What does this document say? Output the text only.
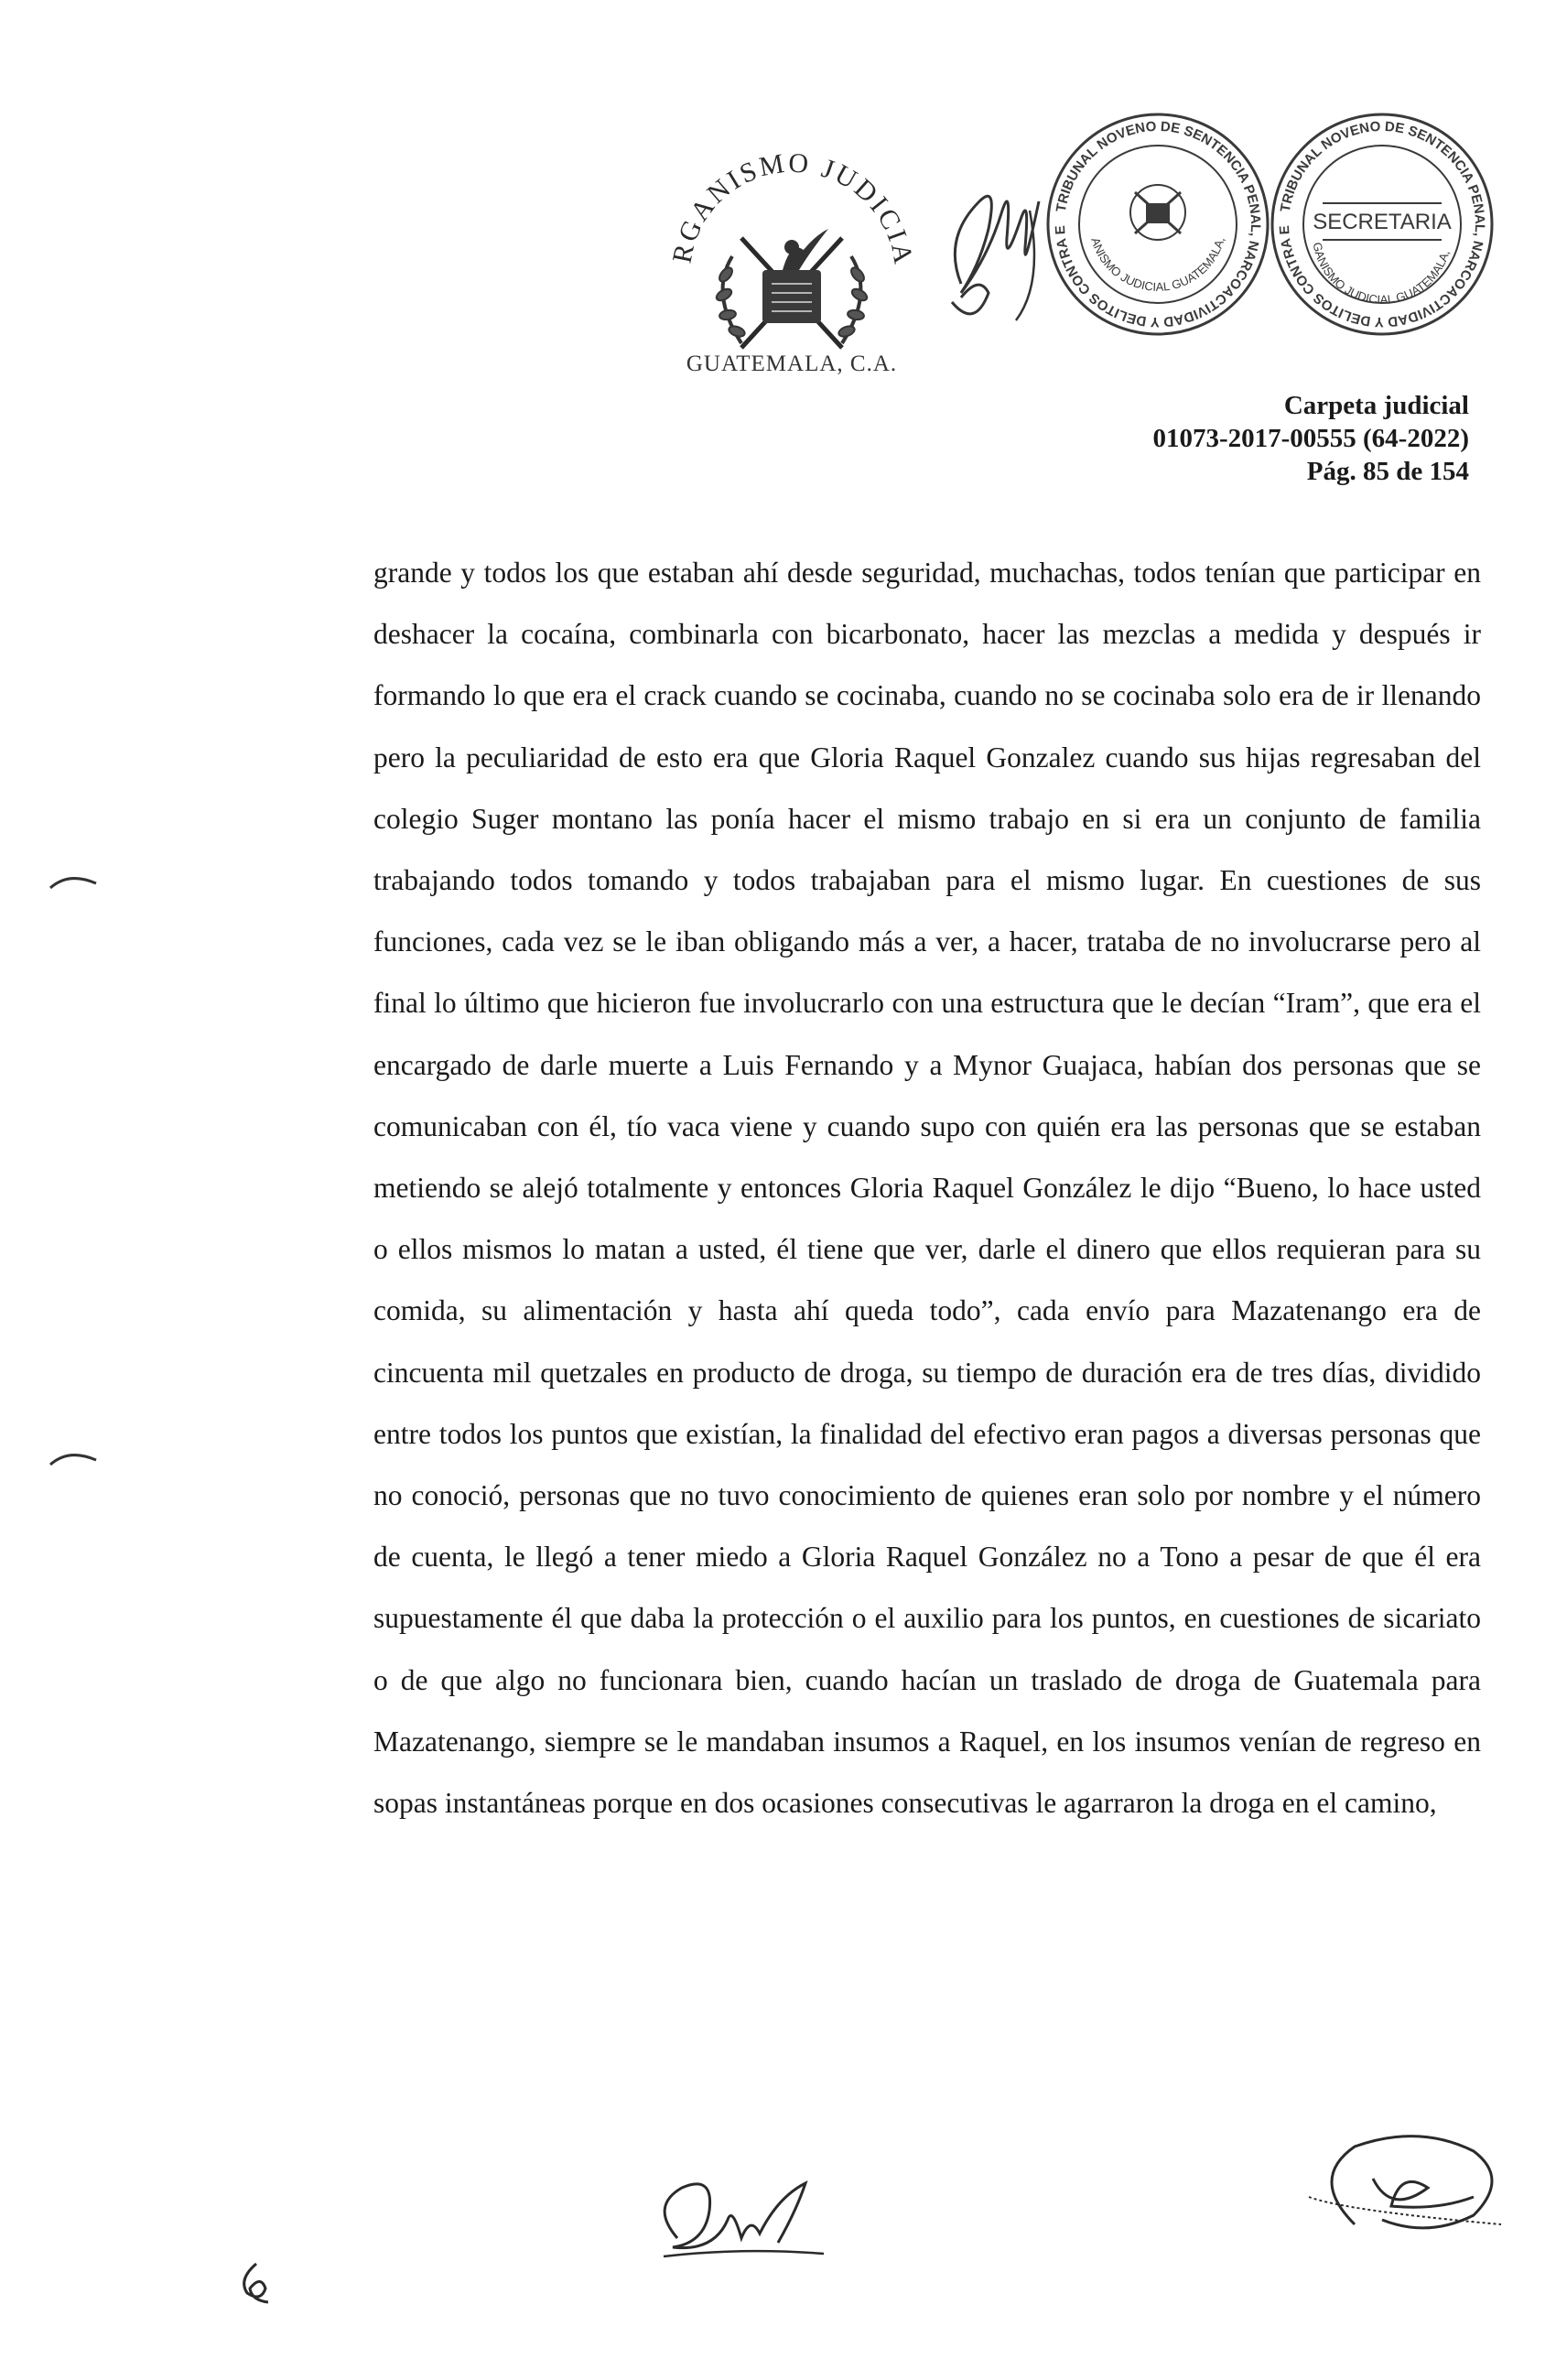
RGANISMO JUDICIA
GUATEMALA, C.A.
TRIBUNAL NOVENO DE SENTENCIA PENAL, NARCOACTIVIDAD Y DELITOS CONTRA E
ANISMO JUDICIAL GUATEMALA,
TRIBUNAL NOVENO DE SENTENCIA PENAL, NARCOACTIVIDAD Y DELITOS CONTRA E SECRETARIA
GANISMO JUDICIAL GUATEMALA,
Carpeta judicial
01073-2017-00555 (64-2022)
Pág. 85 de 154

grande y todos los que estaban ahí desde seguridad, muchachas, todos tenían que participar en deshacer la cocaína, combinarla con bicarbonato, hacer las mezclas a medida y después ir formando lo que era el crack cuando se cocinaba, cuando no se cocinaba solo era de ir llenando pero la peculiaridad de esto era que Gloria Raquel Gonzalez cuando sus hijas regresaban del colegio Suger montano las ponía hacer el mismo trabajo en si era un conjunto de familia trabajando todos tomando y todos trabajaban para el mismo lugar. En cuestiones de sus funciones, cada vez se le iban obligando más a ver, a hacer, trataba de no involucrarse pero al final lo último que hicieron fue involucrarlo con una estructura que le decían “Iram”, que era el encargado de darle muerte a Luis Fernando y a Mynor Guajaca, habían dos personas que se comunicaban con él, tío vaca viene y cuando supo con quién era las personas que se estaban metiendo se alejó totalmente y entonces Gloria Raquel González le dijo “Bueno, lo hace usted o ellos mismos lo matan a usted, él tiene que ver, darle el dinero que ellos requieran para su comida, su alimentación y hasta ahí queda todo”, cada envío para Mazatenango era de cincuenta mil quetzales en producto de droga, su tiempo de duración era de tres días, dividido entre todos los puntos que existían, la finalidad del efectivo eran pagos a diversas personas que no conoció, personas que no tuvo conocimiento de quienes eran solo por nombre y el número de cuenta, le llegó a tener miedo a Gloria Raquel González no a Tono a pesar de que él era supuestamente él que daba la protección o el auxilio para los puntos, en cuestiones de sicariato o de que algo no funcionara bien, cuando hacían un traslado de droga de Guatemala para Mazatenango, siempre se le mandaban insumos a Raquel, en los insumos venían de regreso en sopas instantáneas porque en dos ocasiones consecutivas le agarraron la droga en el camino,
